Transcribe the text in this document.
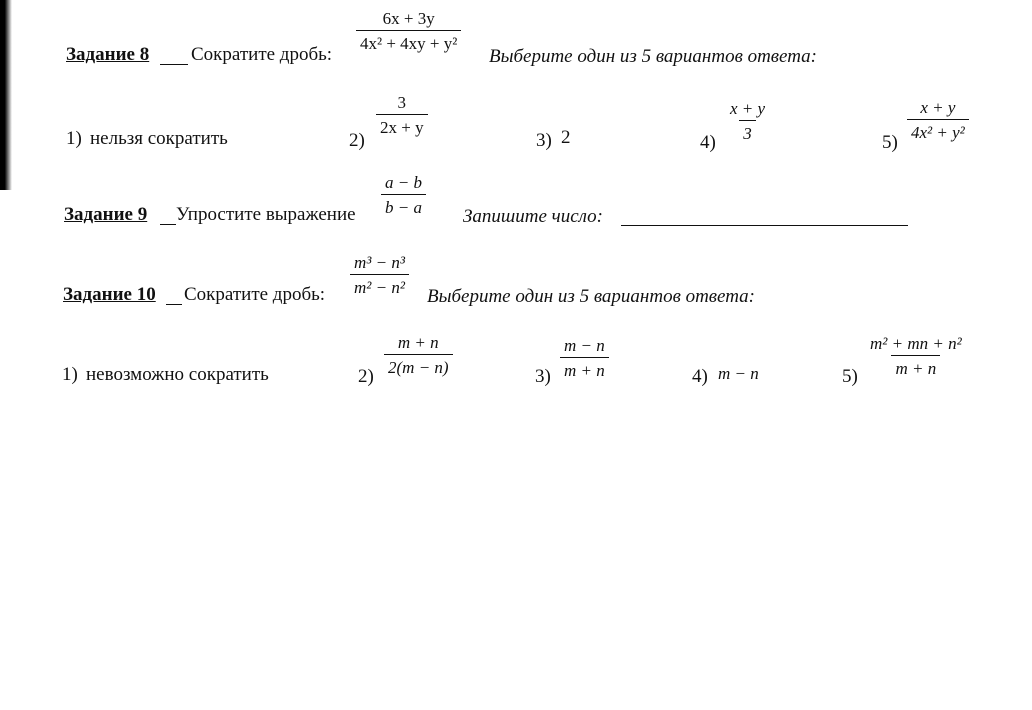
Задание 8 Сократите дробь:
$\frac{6x + 3y}{\text{4x² + 4xy + y²}}$
Выберите один из 5 вариантов ответа:
1) нельзя сократить	2)
$\frac{3}{2x + y}$
3) 2	4)
$\frac{x + y}{3}$
5)
$\frac{x + y}{\text{4x² + y²}}$
Задание 9 Упростите выражение $\frac{a - b}{b - a}$
Запишите число:
Задание 10 Сократите дробь: $\frac{\text{m³ − n³}}{\text{m² − n²}}$
Выберите один из 5 вариантов ответа:
1) невозможно сократить	2)
$\frac{m + n}{2(m - n)}$
$3) \frac{m - n}{m + n}$	4) m − n	$5) \frac{\text{m² + mn + n²}}{m + n}$
